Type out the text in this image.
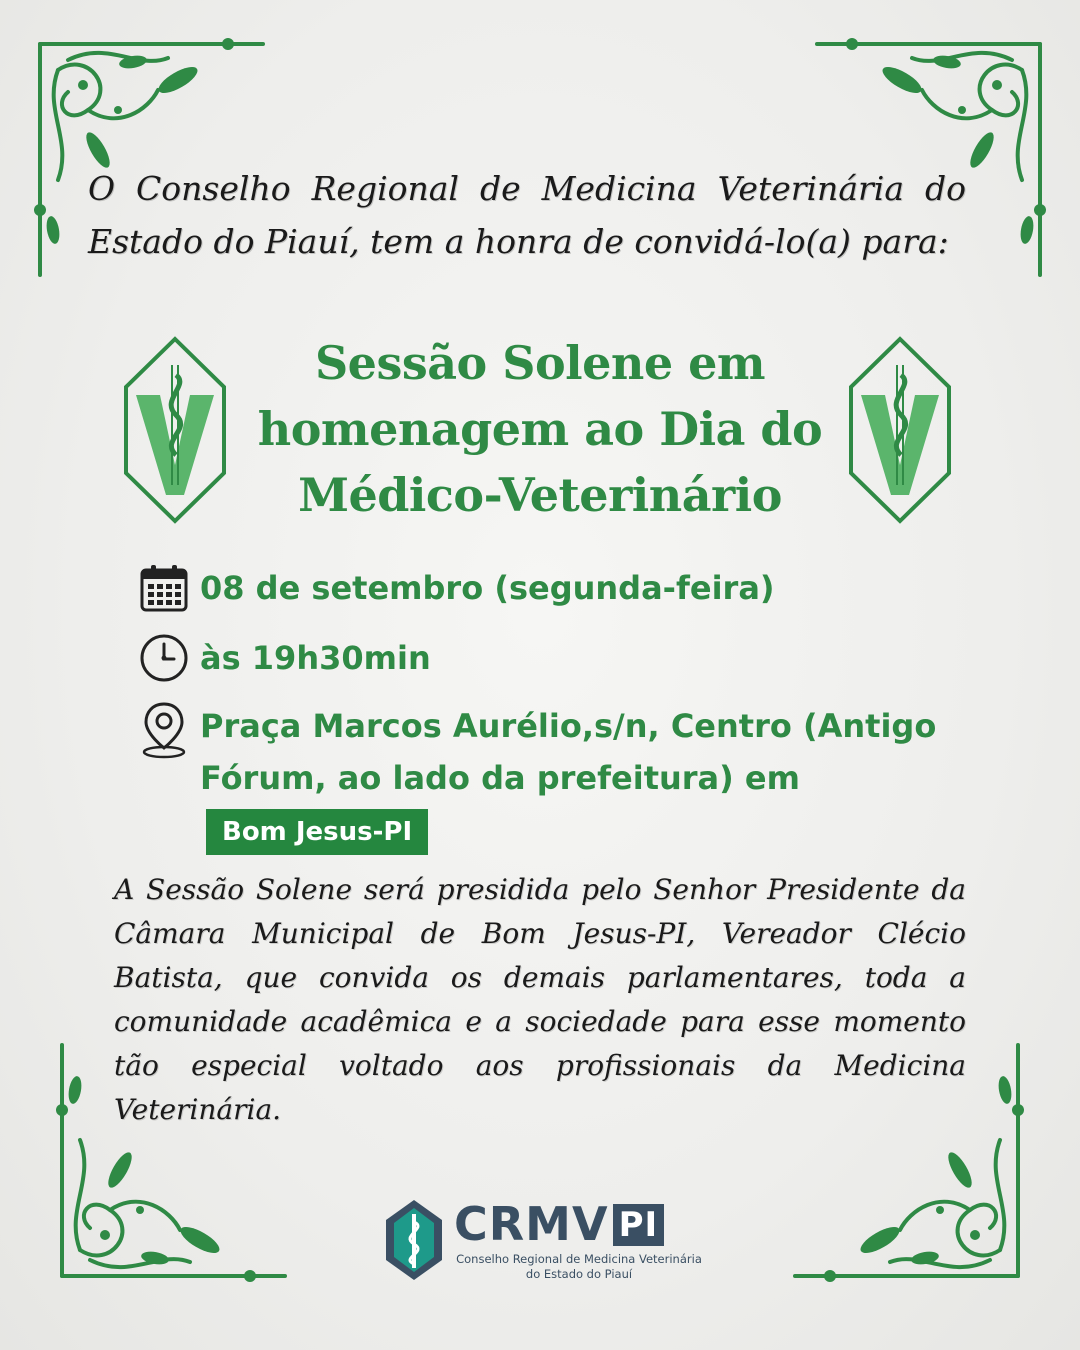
O Conselho Regional de Medicina Veterinária do Estado do Piauí, tem a honra de convidá-lo(a) para:
Sessão Solene em
homenagem ao Dia do
Médico-Veterinário
08 de setembro (segunda-feira)
às 19h30min
Praça Marcos Aurélio,s/n, Centro (Antigo
Fórum, ao lado da prefeitura) em Bom Jesus-PI
A Sessão Solene será presidida pelo Senhor Presidente da Câmara Municipal de Bom Jesus-PI, Vereador Clécio Batista, que convida os demais parlamentares, toda a comunidade acadêmica e a sociedade para esse momento tão especial voltado aos profissionais da Medicina Veterinária.
CRMV PI
Conselho Regional de Medicina Veterinária
do Estado do Piauí
